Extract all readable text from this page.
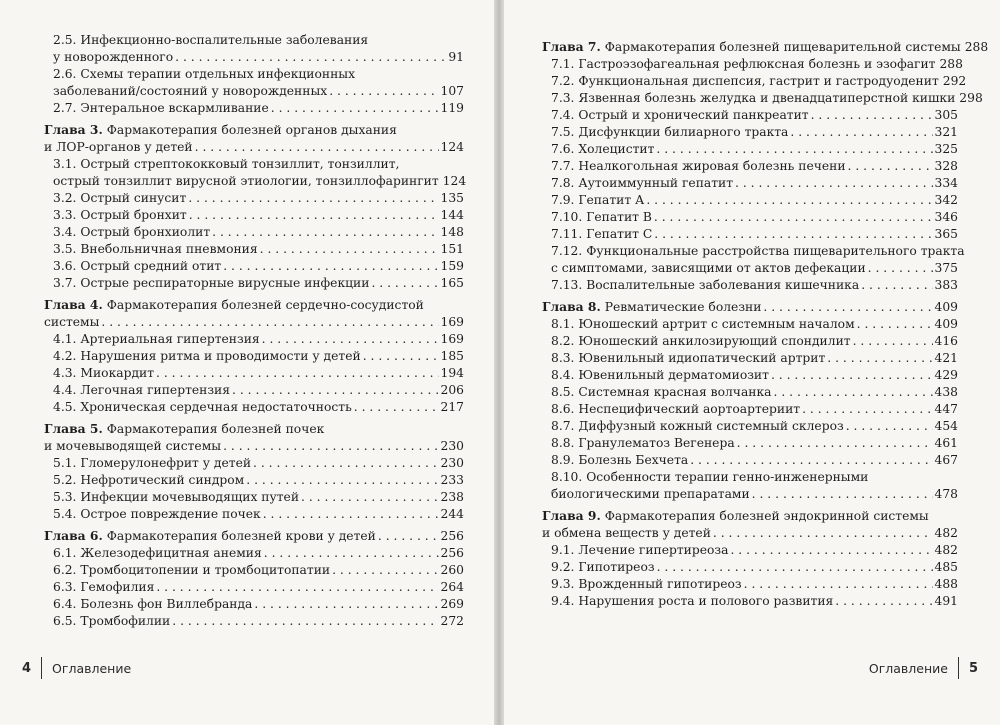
2.5. Инфекционно-воспалительные заболевания
у новорожденного . . .	91
2.6. Схемы терапии отдельных инфекционных
заболеваний/состояний у новорожденных . . .	107
2.7. Энтеральное вскармливание . . .	119
Глава 3. Фармакотерапия болезней органов дыхания
и ЛОР-органов у детей . . .	124
3.1. Острый стрептококковый тонзиллит, тонзиллит,
острый тонзиллит вирусной этиологии, тонзиллофарингит 124
3.2. Острый синусит . . .	135
3.3. Острый бронхит . . .	144
3.4. Острый бронхиолит . . .	148
3.5. Внебольничная пневмония . . .	151
3.6. Острый средний отит . . .	159
3.7. Острые респираторные вирусные инфекции . . .	165
Глава 4. Фармакотерапия болезней сердечно-сосудистой
системы . . .	169
4.1. Артериальная гипертензия . . .	169
4.2. Нарушения ритма и проводимости у детей . . .	185
4.3. Миокардит . . .	194
4.4. Легочная гипертензия . . .	206
4.5. Хроническая сердечная недостаточность . . .	217
Глава 5. Фармакотерапия болезней почек
и мочевыводящей системы . . .	230
5.1. Гломерулонефрит у детей . . .	230
5.2. Нефротический синдром . . .	233
5.3. Инфекции мочевыводящих путей . . .	238
5.4. Острое повреждение почек . . .	244
Глава 6. Фармакотерапия болезней крови у детей . . .	256
6.1. Железодефицитная анемия . . .	256
6.2. Тромбоцитопении и тромбоцитопатии . . .	260
6.3. Гемофилия . . .	264
6.4. Болезнь фон Виллебранда . . .	269
6.5. Тромбофилии . . .	272
4 Оглавление
Глава 7. Фармакотерапия болезней пищеварительной системы 288
7.1. Гастроэзофагеальная рефлюксная болезнь и эзофагит 288
7.2. Функциональная диспепсия, гастрит и гастродуоденит 292
7.3. Язвенная болезнь желудка и двенадцатиперстной кишки 298
7.4. Острый и хронический панкреатит . . .	305
7.5. Дисфункции билиарного тракта . . .	321
7.6. Холецистит . . .	325
7.7. Неалкогольная жировая болезнь печени . . .	328
7.8. Аутоиммунный гепатит . . .	334
7.9. Гепатит А . . .	342
7.10. Гепатит В . . .	346
7.11. Гепатит С . . .	365
7.12. Функциональные расстройства пищеварительного тракта
с симптомами, зависящими от актов дефекации . . .	375
7.13. Воспалительные заболевания кишечника . . .	383
Глава 8. Ревматические болезни . . .	409
8.1. Юношеский артрит с системным началом . . .	409
8.2. Юношеский анкилозирующий спондилит . . .	416
8.3. Ювенильный идиопатический артрит . . .	421
8.4. Ювенильный дерматомиозит . . .	429
8.5. Системная красная волчанка . . .	438
8.6. Неспецифический аортоартериит . . .	447
8.7. Диффузный кожный системный склероз . . .	454
8.8. Гранулематоз Вегенера . . .	461
8.9. Болезнь Бехчета . . .	467
8.10. Особенности терапии генно-инженерными
биологическими препаратами . . .	478
Глава 9. Фармакотерапия болезней эндокринной системы
и обмена веществ у детей . . .	482
9.1. Лечение гипертиреоза . . .	482
9.2. Гипотиреоз . . .	485
9.3. Врожденный гипотиреоз . . .	488
9.4. Нарушения роста и полового развития . . .	491
Оглавление 5
